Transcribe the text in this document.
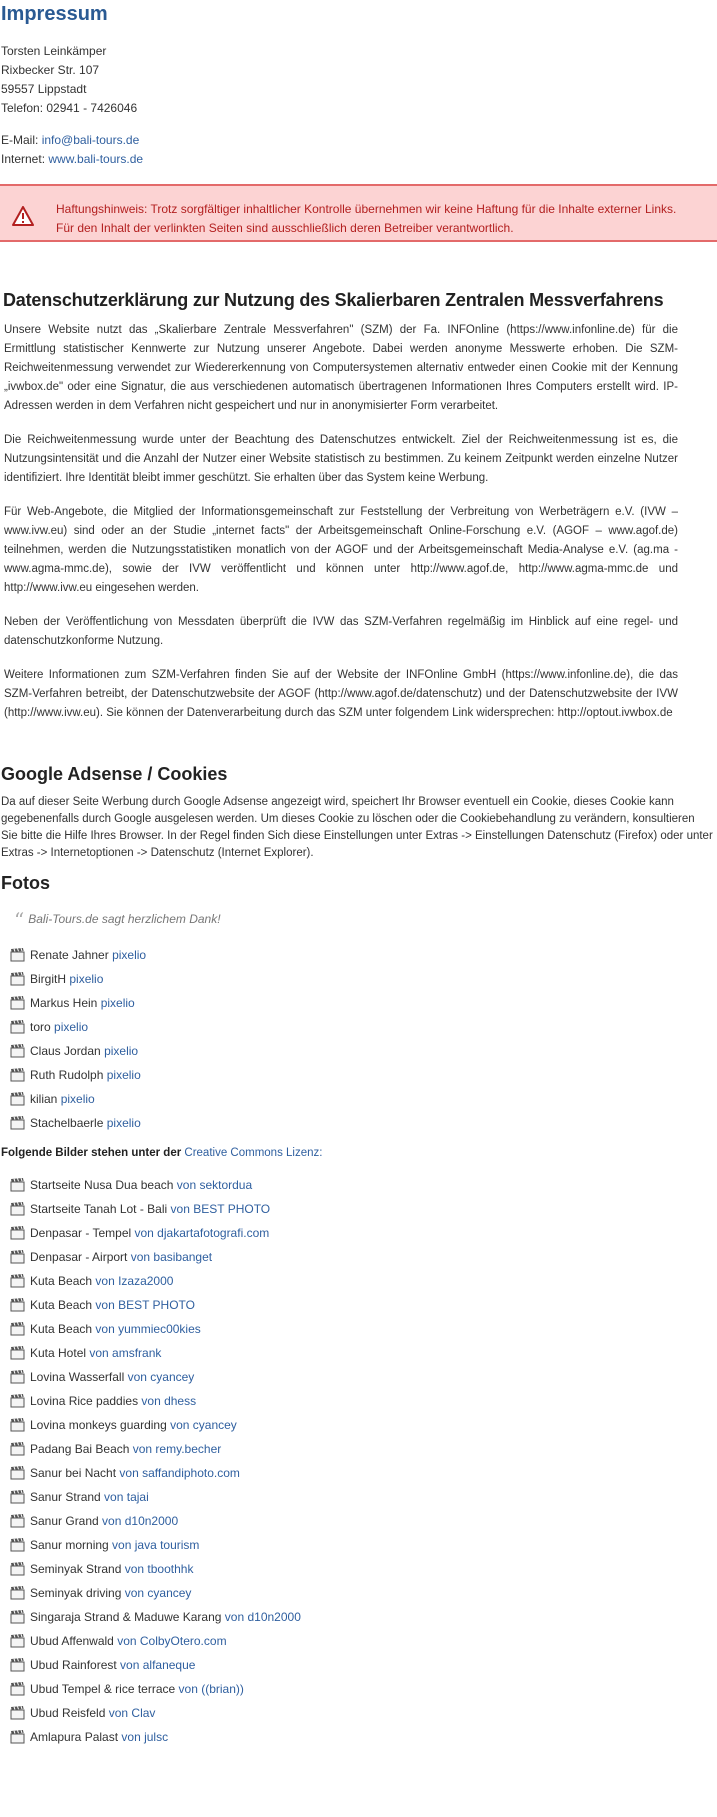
Impressum
Torsten Leinkämper
Rixbecker Str. 107
59557 Lippstadt
Telefon: 02941 - 7426046
E-Mail: info@bali-tours.de
Internet: www.bali-tours.de
Haftungshinweis: Trotz sorgfältiger inhaltlicher Kontrolle übernehmen wir keine Haftung für die Inhalte externer Links.
Für den Inhalt der verlinkten Seiten sind ausschließlich deren Betreiber verantwortlich.
Datenschutzerklärung zur Nutzung des Skalierbaren Zentralen Messverfahrens

Unsere Website nutzt das „Skalierbare Zentrale Messverfahren" (SZM) der Fa. INFOnline (https://www.infonline.de) für die Ermittlung statistischer Kennwerte zur Nutzung unserer Angebote. Dabei werden anonyme Messwerte erhoben. Die SZM-Reichweitenmessung verwendet zur Wiedererkennung von Computersystemen alternativ entweder einen Cookie mit der Kennung „ivwbox.de" oder eine Signatur, die aus verschiedenen automatisch übertragenen Informationen Ihres Computers erstellt wird. IP-Adressen werden in dem Verfahren nicht gespeichert und nur in anonymisierter Form verarbeitet.

Die Reichweitenmessung wurde unter der Beachtung des Datenschutzes entwickelt. Ziel der Reichweitenmessung ist es, die Nutzungsintensität und die Anzahl der Nutzer einer Website statistisch zu bestimmen. Zu keinem Zeitpunkt werden einzelne Nutzer identifiziert. Ihre Identität bleibt immer geschützt. Sie erhalten über das System keine Werbung.

Für Web-Angebote, die Mitglied der Informationsgemeinschaft zur Feststellung der Verbreitung von Werbeträgern e.V. (IVW – www.ivw.eu) sind oder an der Studie „internet facts" der Arbeitsgemeinschaft Online-Forschung e.V. (AGOF – www.agof.de) teilnehmen, werden die Nutzungsstatistiken monatlich von der AGOF und der Arbeitsgemeinschaft Media-Analyse e.V. (ag.ma - www.agma-mmc.de), sowie der IVW veröffentlicht und können unter http://www.agof.de, http://www.agma-mmc.de und http://www.ivw.eu eingesehen werden.

Neben der Veröffentlichung von Messdaten überprüft die IVW das SZM-Verfahren regelmäßig im Hinblick auf eine regel- und datenschutzkonforme Nutzung.

Weitere Informationen zum SZM-Verfahren finden Sie auf der Website der INFOnline GmbH (https://www.infonline.de), die das SZM-Verfahren betreibt, der Datenschutzwebsite der AGOF (http://www.agof.de/datenschutz) und der Datenschutzwebsite der IVW (http://www.ivw.eu). Sie können der Datenverarbeitung durch das SZM unter folgendem Link widersprechen: http://optout.ivwbox.de

Google Adsense / Cookies
Da auf dieser Seite Werbung durch Google Adsense angezeigt wird, speichert Ihr Browser eventuell ein Cookie, dieses Cookie kann gegebenenfalls durch Google ausgelesen werden. Um dieses Cookie zu löschen oder die Cookiebehandlung zu verändern, konsultieren Sie bitte die Hilfe Ihres Browser. In der Regel finden Sich diese Einstellungen unter Extras -> Einstellungen Datenschutz (Firefox) oder unter Extras -> Internetoptionen -> Datenschutz (Internet Explorer).
Fotos
“ Bali-Tours.de sagt herzlichem Dank!
Renate Jahner pixelio
BirgitH pixelio
Markus Hein pixelio
toro pixelio
Claus Jordan pixelio
Ruth Rudolph pixelio
kilian pixelio
Stachelbaerle pixelio
Folgende Bilder stehen unter der Creative Commons Lizenz:
Startseite Nusa Dua beach von sektordua
Startseite Tanah Lot - Bali von BEST PHOTO
Denpasar - Tempel von djakartafotografi.com
Denpasar - Airport von basibanget
Kuta Beach von Izaza2000
Kuta Beach von BEST PHOTO
Kuta Beach von yummiec00kies
Kuta Hotel von amsfrank
Lovina Wasserfall von cyancey
Lovina Rice paddies von dhess
Lovina monkeys guarding von cyancey
Padang Bai Beach von remy.becher
Sanur bei Nacht von saffandiphoto.com
Sanur Strand von tajai
Sanur Grand von d10n2000
Sanur morning von java tourism
Seminyak Strand von tboothhk
Seminyak driving von cyancey
Singaraja Strand & Maduwe Karang von d10n2000
Ubud Affenwald von ColbyOtero.com
Ubud Rainforest von alfaneque
Ubud Tempel & rice terrace von ((brian))
Ubud Reisfeld von Clav
Amlapura Palast von julsc
